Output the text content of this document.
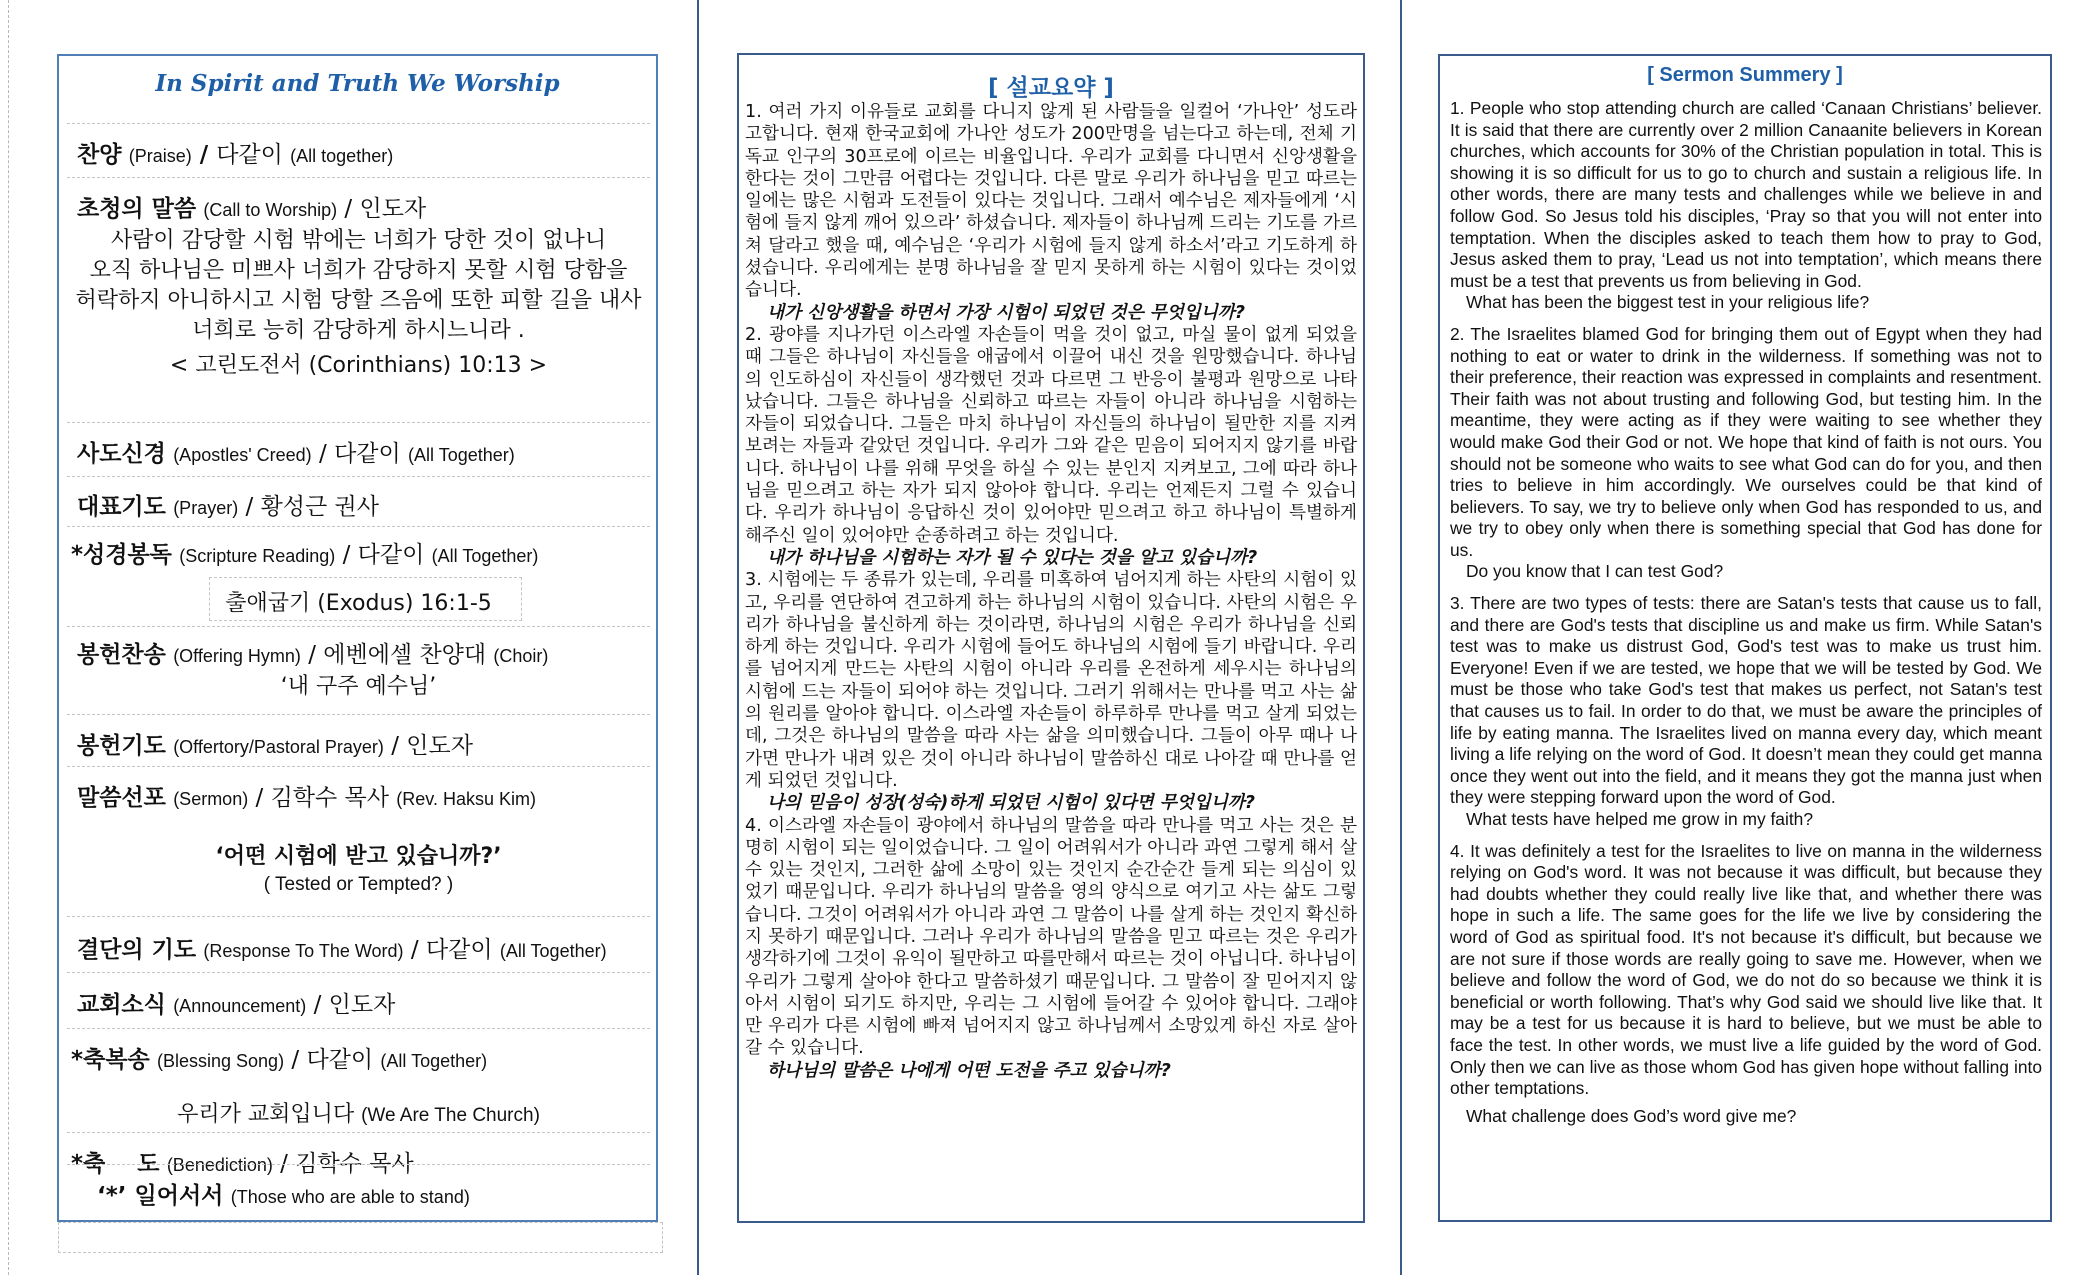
In Spirit and Truth We Worship
찬양 (Praise) / 다같이 (All together)
초청의 말씀 (Call to Worship) / 인도자
사람이 감당할 시험 밖에는 너희가 당한 것이 없나니
오직 하나님은 미쁘사 너희가 감당하지 못할 시험 당함을
허락하지 아니하시고 시험 당할 즈음에 또한 피할 길을 내사
너희로 능히 감당하게 하시느니라 .
< 고린도전서 (Corinthians) 10:13 >
사도신경 (Apostles' Creed) / 다같이 (All Together)
대표기도 (Prayer) / 황성근 권사
*성경봉독 (Scripture Reading) / 다같이 (All Together)
출애굽기 (Exodus) 16:1-5
봉헌찬송 (Offering Hymn) / 에벤에셀 찬양대 (Choir)
‘내 구주 예수님’
봉헌기도 (Offertory/Pastoral Prayer) / 인도자
말씀선포 (Sermon) / 김학수 목사 (Rev. Haksu Kim)
‘어떤 시험에 받고 있습니까?’
( Tested or Tempted? )
결단의 기도 (Response To The Word) / 다같이 (All Together)
교회소식 (Announcement) / 인도자
*축복송 (Blessing Song) / 다같이 (All Together)
우리가 교회입니다 (We Are The Church)
*축    도 (Benediction) / 김학수 목사
‘*’ 일어서서 (Those who are able to stand)
[ 설교요약 ]

1. 여러 가지 이유들로 교회를 다니지 않게 된 사람들을 일컬어 ‘가나안’ 성도라고합니다. 현재 한국교회에 가나안 성도가 200만명을 넘는다고 하는데, 전체 기독교 인구의 30프로에 이르는 비율입니다. 우리가 교회를 다니면서 신앙생활을 한다는 것이 그만큼 어렵다는 것입니다. 다른 말로 우리가 하나님을 믿고 따르는 일에는 많은 시험과 도전들이 있다는 것입니다. 그래서 예수님은 제자들에게 ‘시험에 들지 않게 깨어 있으라’ 하셨습니다. 제자들이 하나님께 드리는 기도를 가르쳐 달라고 했을 때, 예수님은 ‘우리가 시험에 들지 않게 하소서’라고 기도하게 하셨습니다. 우리에게는 분명 하나님을 잘 믿지 못하게 하는 시험이 있다는 것이었습니다.

내가 신앙생활을 하면서 가장 시험이 되었던 것은 무엇입니까?

2. 광야를 지나가던 이스라엘 자손들이 먹을 것이 없고, 마실 물이 없게 되었을 때 그들은 하나님이 자신들을 애굽에서 이끌어 내신 것을 원망했습니다. 하나님의 인도하심이 자신들이 생각했던 것과 다르면 그 반응이 불평과 원망으로 나타났습니다. 그들은 하나님을 신뢰하고 따르는 자들이 아니라 하나님을 시험하는 자들이 되었습니다. 그들은 마치 하나님이 자신들의 하나님이 될만한 지를 지켜보려는 자들과 같았던 것입니다. 우리가 그와 같은 믿음이 되어지지 않기를 바랍니다. 하나님이 나를 위해 무엇을 하실 수 있는 분인지 지켜보고, 그에 따라 하나님을 믿으려고 하는 자가 되지 않아야 합니다. 우리는 언제든지 그럴 수 있습니다. 우리가 하나님이 응답하신 것이 있어야만 믿으려고 하고 하나님이 특별하게 해주신 일이 있어야만 순종하려고 하는 것입니다.

내가 하나님을 시험하는 자가 될 수 있다는 것을 알고 있습니까?

3. 시험에는 두 종류가 있는데, 우리를 미혹하여 넘어지게 하는 사탄의 시험이 있고, 우리를 연단하여 견고하게 하는 하나님의 시험이 있습니다. 사탄의 시험은 우리가 하나님을 불신하게 하는 것이라면, 하나님의 시험은 우리가 하나님을 신뢰하게 하는 것입니다. 우리가 시험에 들어도 하나님의 시험에 들기 바랍니다. 우리를 넘어지게 만드는 사탄의 시험이 아니라 우리를 온전하게 세우시는 하나님의 시험에 드는 자들이 되어야 하는 것입니다. 그러기 위해서는 만나를 먹고 사는 삶의 원리를 알아야 합니다. 이스라엘 자손들이 하루하루 만나를 먹고 살게 되었는데, 그것은 하나님의 말씀을 따라 사는 삶을 의미했습니다. 그들이 아무 때나 나가면 만나가 내려 있은 것이 아니라 하나님이 말씀하신 대로 나아갈 때 만나를 얻게 되었던 것입니다.

나의 믿음이 성장(성숙)하게 되었던 시험이 있다면 무엇입니까?

4. 이스라엘 자손들이 광야에서 하나님의 말씀을 따라 만나를 먹고 사는 것은 분명히 시험이 되는 일이었습니다. 그 일이 어려워서가 아니라 과연 그렇게 해서 살 수 있는 것인지, 그러한 삶에 소망이 있는 것인지 순간순간 들게 되는 의심이 있었기 때문입니다. 우리가 하나님의 말씀을 영의 양식으로 여기고 사는 삶도 그렇습니다. 그것이 어려워서가 아니라 과연 그 말씀이 나를 살게 하는 것인지 확신하지 못하기 때문입니다. 그러나 우리가 하나님의 말씀을 믿고 따르는 것은 우리가 생각하기에 그것이 유익이 될만하고 따를만해서 따르는 것이 아닙니다. 하나님이 우리가 그렇게 살아야 한다고 말씀하셨기 때문입니다. 그 말씀이 잘 믿어지지 않아서 시험이 되기도 하지만, 우리는 그 시험에 들어갈 수 있어야 합니다. 그래야만 우리가 다른 시험에 빠져 넘어지지 않고 하나님께서 소망있게 하신 자로 살아갈 수 있습니다.

하나님의 말씀은 나에게 어떤 도전을 주고 있습니까?

[ Sermon Summery ]

1. People who stop attending church are called ‘Canaan Christians’ believer. It is said that there are currently over 2 million Canaanite believers in Korean churches, which accounts for 30% of the Christian population in total. This is showing it is so difficult for us to go to church and sustain a religious life. In other words, there are many tests and challenges while we believe in and follow God. So Jesus told his disciples, ‘Pray so that you will not enter into temptation. When the disciples asked to teach them how to pray to God, Jesus asked them to pray, ‘Lead us not into temptation’, which means there must be a test that prevents us from believing in God.

What has been the biggest test in your religious life?

2. The Israelites blamed God for bringing them out of Egypt when they had nothing to eat or water to drink in the wilderness. If something was not to their preference, their reaction was expressed in complaints and resentment. Their faith was not about trusting and following God, but testing him. In the meantime, they were acting as if they were waiting to see whether they would make God their God or not. We hope that kind of faith is not ours. You should not be someone who waits to see what God can do for you, and then tries to believe in him accordingly. We ourselves could be that kind of believers. To say, we try to believe only when God has responded to us, and we try to obey only when there is something special that God has done for us.

Do you know that I can test God?

3. There are two types of tests: there are Satan's tests that cause us to fall, and there are God's tests that discipline us and make us firm. While Satan's test was to make us distrust God, God's test was to make us trust him. Everyone! Even if we are tested, we hope that we will be tested by God. We must be those who take God's test that makes us perfect, not Satan's test that causes us to fail. In order to do that, we must be aware the principles of life by eating manna. The Israelites lived on manna every day, which meant living a life relying on the word of God. It doesn’t mean they could get manna once they went out into the field, and it means they got the manna just when they were stepping forward upon the word of God.

What tests have helped me grow in my faith?

4. It was definitely a test for the Israelites to live on manna in the wilderness relying on God's word. It was not because it was difficult, but because they had doubts whether they could really live like that, and whether there was hope in such a life. The same goes for the life we live by considering the word of God as spiritual food. It's not because it's difficult, but because we are not sure if those words are really going to save me. However, when we believe and follow the word of God, we do not do so because we think it is beneficial or worth following. That’s why God said we should live like that. It may be a test for us because it is hard to believe, but we must be able to face the test. In other words, we must live a life guided by the word of God. Only then we can live as those whom God has given hope without falling into other temptations.

What challenge does God’s word give me?
